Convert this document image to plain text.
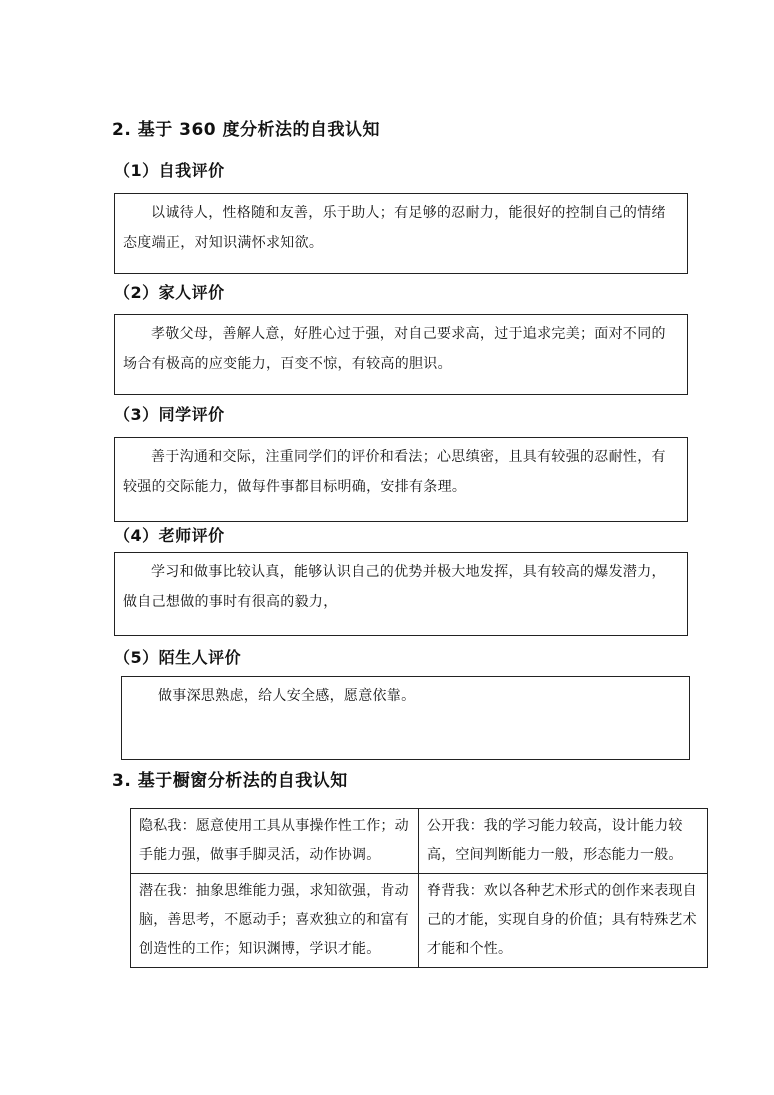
2. 基于 360 度分析法的自我认知
（1）自我评价

以诚待人，性格随和友善，乐于助人；有足够的忍耐力，能很好的控制自己的情绪态度端正，对知识满怀求知欲。

（2）家人评价

孝敬父母，善解人意，好胜心过于强，对自己要求高，过于追求完美；面对不同的场合有极高的应变能力，百变不惊，有较高的胆识。

（3）同学评价

善于沟通和交际，注重同学们的评价和看法；心思缜密，且具有较强的忍耐性，有较强的交际能力，做每件事都目标明确，安排有条理。

（4）老师评价

学习和做事比较认真，能够认识自己的优势并极大地发挥，具有较高的爆发潜力，做自己想做的事时有很高的毅力，

（5）陌生人评价

做事深思熟虑，给人安全感，愿意依靠。

3. 基于橱窗分析法的自我认知
隐私我：愿意使用工具从事操作性工作；动手能力强，做事手脚灵活，动作协调。	公开我：我的学习能力较高，设计能力较高，空间判断能力一般，形态能力一般。
潜在我：抽象思维能力强，求知欲强，肯动脑，善思考，不愿动手；喜欢独立的和富有创造性的工作；知识渊博，学识才能。	脊背我：欢以各种艺术形式的创作来表现自己的才能，实现自身的价值；具有特殊艺术才能和个性。
